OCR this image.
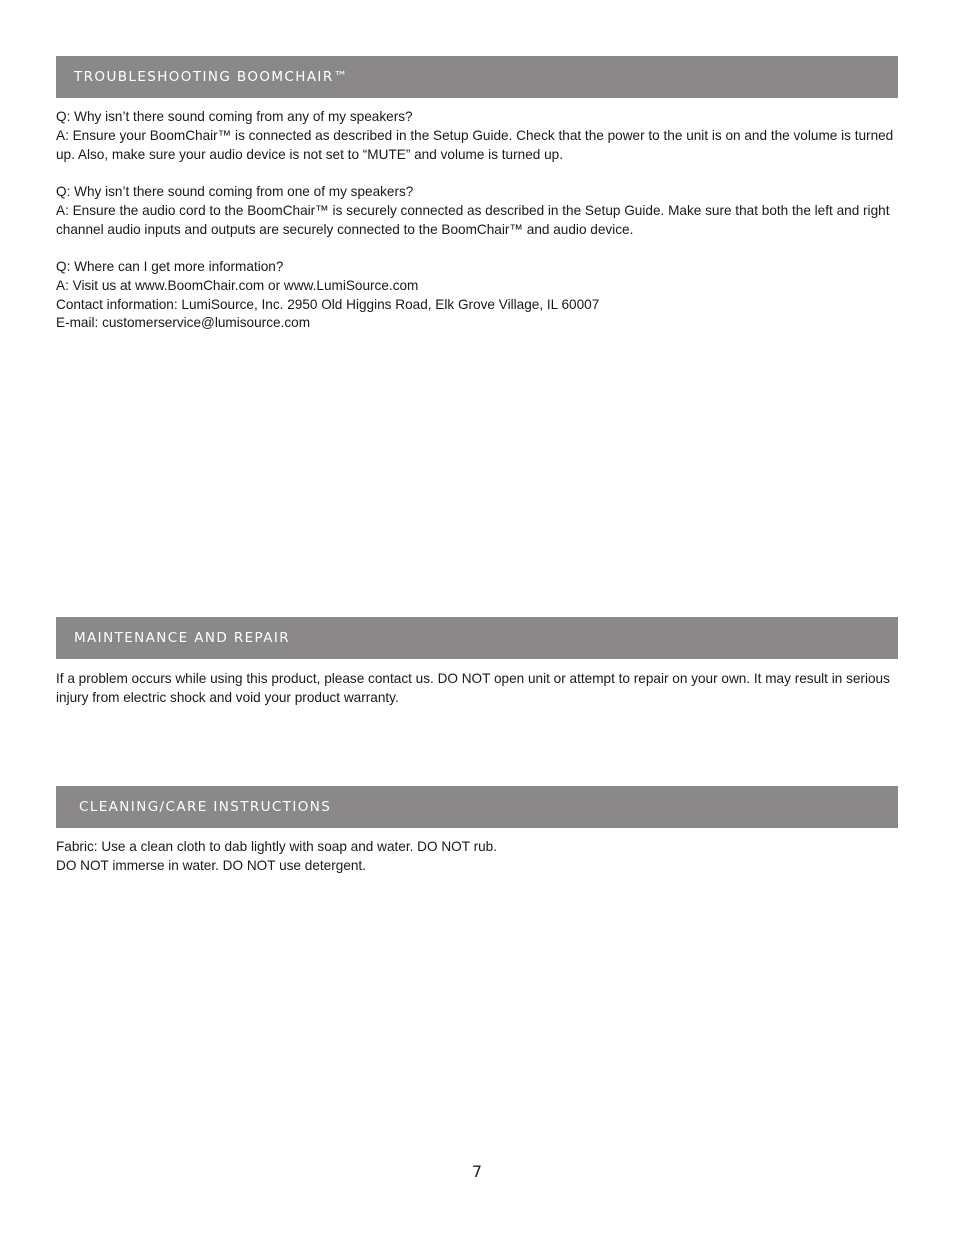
TROUBLESHOOTING BOOMCHAIR™
Q: Why isn’t there sound coming from any of my speakers?
A: Ensure your BoomChair™ is connected as described in the Setup Guide. Check that the power to the unit is on and the volume is turned up. Also, make sure your audio device is not set to “MUTE” and volume is turned up.
Q: Why isn’t there sound coming from one of my speakers?
A: Ensure the audio cord to the BoomChair™ is securely connected as described in the Setup Guide. Make sure that both the left and right channel audio inputs and outputs are securely connected to the BoomChair™ and audio device.
Q: Where can I get more information?
A: Visit us at www.BoomChair.com or www.LumiSource.com
Contact information: LumiSource, Inc. 2950 Old Higgins Road, Elk Grove Village, IL 60007
E-mail: customerservice@lumisource.com
MAINTENANCE AND REPAIR
If a problem occurs while using this product, please contact us. DO NOT open unit or attempt to repair on your own. It may result in serious injury from electric shock and void your product warranty.
CLEANING/CARE INSTRUCTIONS
Fabric: Use a clean cloth to dab lightly with soap and water. DO NOT rub.
DO NOT immerse in water. DO NOT use detergent.
7
